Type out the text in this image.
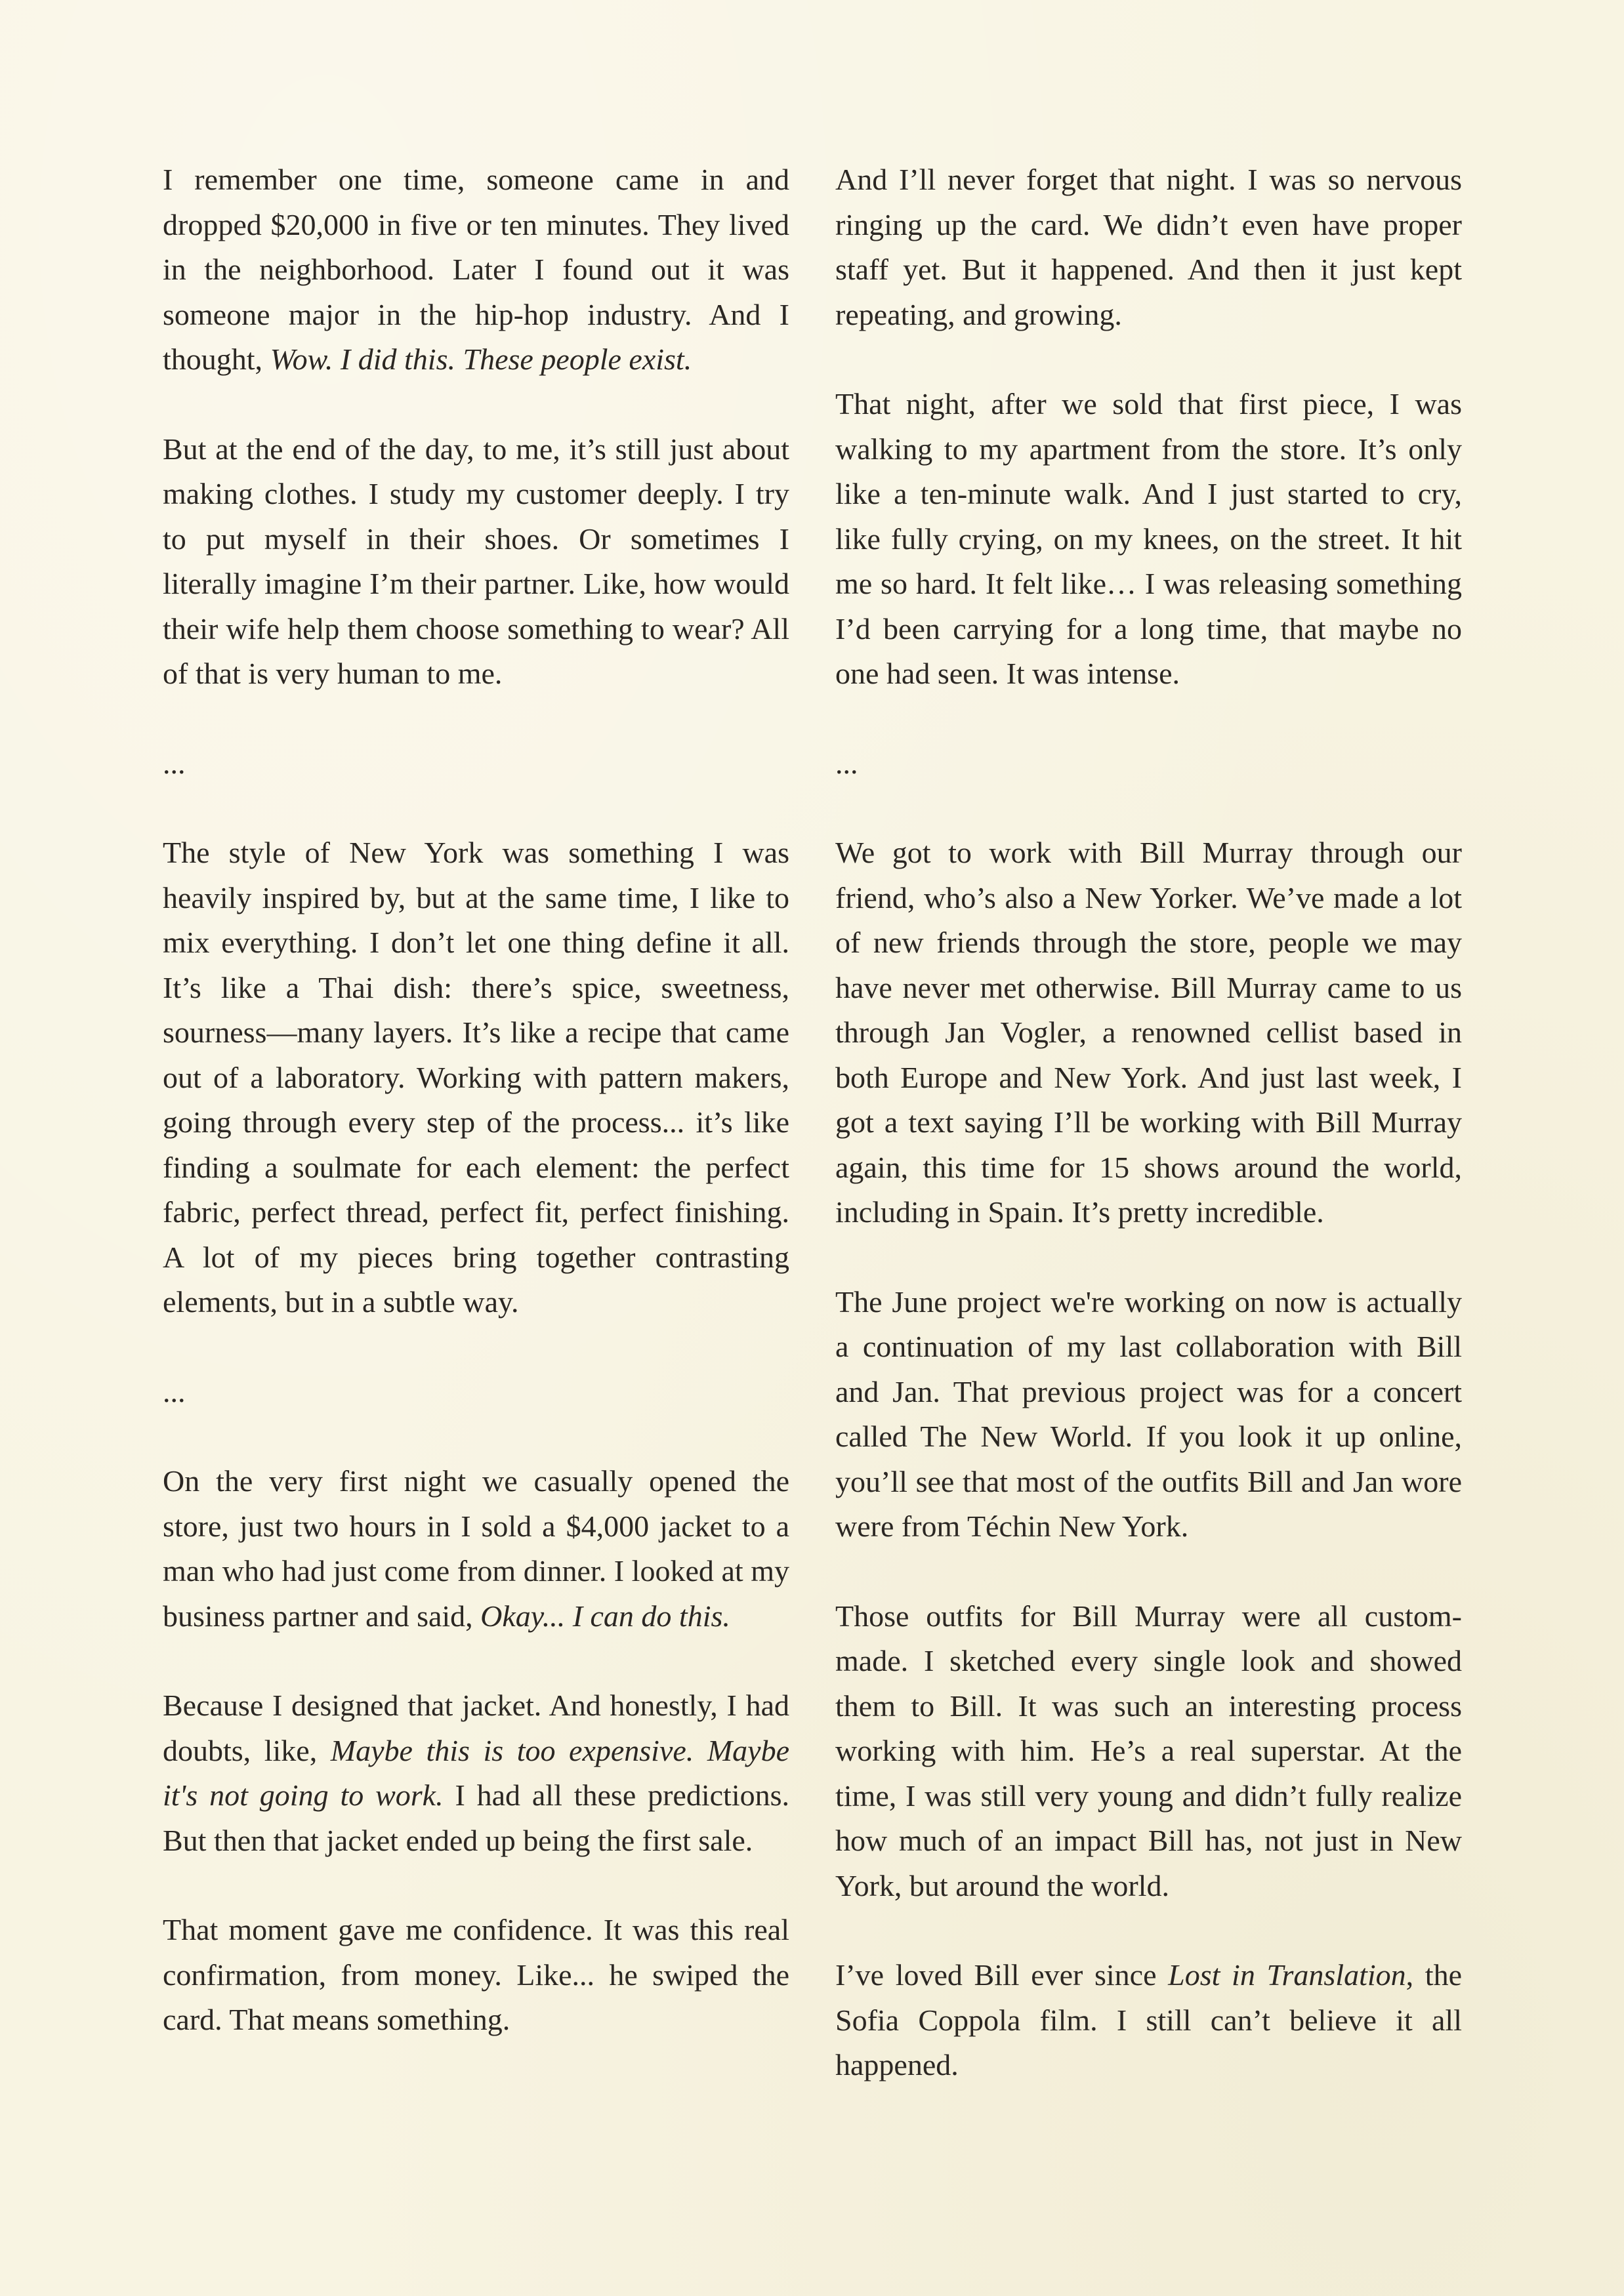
I remember one time, someone came in and dropped $20,000 in five or ten minutes. They lived in the neighborhood. Later I found out it was someone major in the hip-hop industry. And I thought, Wow. I did this. These people exist.

But at the end of the day, to me, it’s still just about making clothes. I study my customer deeply. I try to put myself in their shoes. Or sometimes I literally imagine I’m their partner. Like, how would their wife help them choose something to wear? All of that is very human to me.

...

The style of New York was something I was heavily inspired by, but at the same time, I like to mix everything. I don’t let one thing define it all. It’s like a Thai dish: there’s spice, sweetness, sourness—many layers. It’s like a recipe that came out of a laboratory. Working with pattern makers, going through every step of the process... it’s like finding a soulmate for each element: the perfect fabric, perfect thread, perfect fit, perfect finishing. A lot of my pieces bring together contrasting elements, but in a subtle way.

...

On the very first night we casually opened the store, just two hours in I sold a $4,000 jacket to a man who had just come from dinner. I looked at my business partner and said, Okay... I can do this.

Because I designed that jacket. And honestly, I had doubts, like, Maybe this is too expensive. Maybe it's not going to work. I had all these predictions. But then that jacket ended up being the first sale.

That moment gave me confidence. It was this real confirmation, from money. Like... he swiped the card. That means something.

And I’ll never forget that night. I was so nervous ringing up the card. We didn’t even have proper staff yet. But it happened. And then it just kept repeating, and growing.

That night, after we sold that first piece, I was walking to my apartment from the store. It’s only like a ten-minute walk. And I just started to cry, like fully crying, on my knees, on the street. It hit me so hard. It felt like… I was releasing something I’d been carrying for a long time, that maybe no one had seen. It was intense.

...

We got to work with Bill Murray through our friend, who’s also a New Yorker. We’ve made a lot of new friends through the store, people we may have never met otherwise. Bill Murray came to us through Jan Vogler, a renowned cellist based in both Europe and New York. And just last week, I got a text saying I’ll be working with Bill Murray again, this time for 15 shows around the world, including in Spain. It’s pretty incredible.

The June project we're working on now is actually a continuation of my last collaboration with Bill and Jan. That previous project was for a concert called The New World. If you look it up online, you’ll see that most of the outfits Bill and Jan wore were from Téchin New York.

Those outfits for Bill Murray were all custom-made. I sketched every single look and showed them to Bill. It was such an interesting process working with him. He’s a real superstar. At the time, I was still very young and didn’t fully realize how much of an impact Bill has, not just in New York, but around the world.

I’ve loved Bill ever since Lost in Translation, the Sofia Coppola film. I still can’t believe it all happened.
